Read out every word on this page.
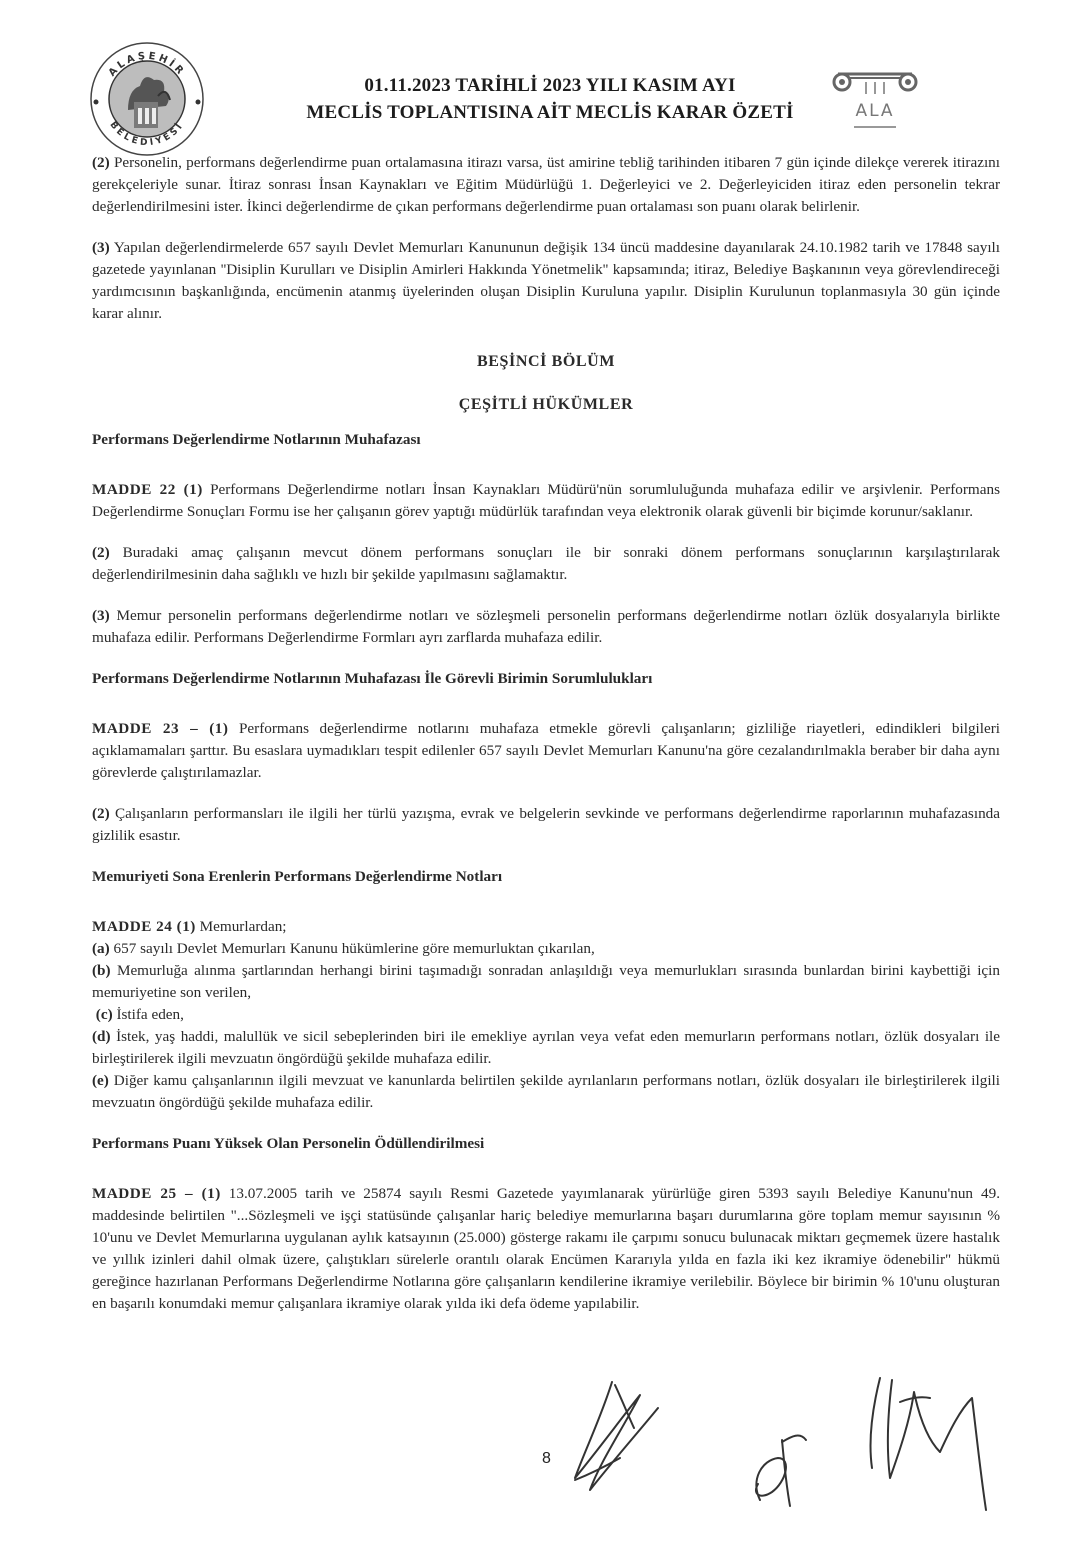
ALAŞEHİR
BELEDİYESİ
01.11.2023 TARİHLİ 2023 YILI KASIM AYI
MECLİS TOPLANTISINA AİT MECLİS KARAR ÖZETİ	ALA

(2) Personelin, performans değerlendirme puan ortalamasına itirazı varsa, üst amirine tebliğ tarihinden itibaren 7 gün içinde dilekçe vererek itirazını gerekçeleriyle sunar. İtiraz sonrası İnsan Kaynakları ve Eğitim Müdürlüğü 1. Değerleyici ve 2. Değerleyiciden itiraz eden personelin tekrar değerlendirilmesini ister. İkinci değerlendirme de çıkan performans değerlendirme puan ortalaması son puanı olarak belirlenir.

(3) Yapılan değerlendirmelerde 657 sayılı Devlet Memurları Kanununun değişik 134 üncü maddesine dayanılarak 24.10.1982 tarih ve 17848 sayılı gazetede yayınlanan ''Disiplin Kurulları ve Disiplin Amirleri Hakkında Yönetmelik'' kapsamında; itiraz, Belediye Başkanının veya görevlendireceği yardımcısının başkanlığında, encümenin atanmış üyelerinden oluşan Disiplin Kuruluna yapılır. Disiplin Kurulunun toplanmasıyla 30 gün içinde karar alınır.

BEŞİNCİ BÖLÜM

ÇEŞİTLİ HÜKÜMLER

Performans Değerlendirme Notlarının Muhafazası

MADDE 22 (1) Performans Değerlendirme notları İnsan Kaynakları Müdürü'nün sorumluluğunda muhafaza edilir ve arşivlenir. Performans Değerlendirme Sonuçları Formu ise her çalışanın görev yaptığı müdürlük tarafından veya elektronik olarak güvenli bir biçimde korunur/saklanır.

(2) Buradaki amaç çalışanın mevcut dönem performans sonuçları ile bir sonraki dönem performans sonuçlarının karşılaştırılarak değerlendirilmesinin daha sağlıklı ve hızlı bir şekilde yapılmasını sağlamaktır.

(3) Memur personelin performans değerlendirme notları ve sözleşmeli personelin performans değerlendirme notları özlük dosyalarıyla birlikte muhafaza edilir. Performans Değerlendirme Formları ayrı zarflarda muhafaza edilir.

Performans Değerlendirme Notlarının Muhafazası İle Görevli Birimin Sorumlulukları

MADDE 23 – (1) Performans değerlendirme notlarını muhafaza etmekle görevli çalışanların; gizliliğe riayetleri, edindikleri bilgileri açıklamamaları şarttır. Bu esaslara uymadıkları tespit edilenler 657 sayılı Devlet Memurları Kanunu'na göre cezalandırılmakla beraber bir daha aynı görevlerde çalıştırılamazlar.

(2) Çalışanların performansları ile ilgili her türlü yazışma, evrak ve belgelerin sevkinde ve performans değerlendirme raporlarının muhafazasında gizlilik esastır.

Memuriyeti Sona Erenlerin Performans Değerlendirme Notları

MADDE 24 (1) Memurlardan;

(a) 657 sayılı Devlet Memurları Kanunu hükümlerine göre memurluktan çıkarılan,

(b) Memurluğa alınma şartlarından herhangi birini taşımadığı sonradan anlaşıldığı veya memurlukları sırasında bunlardan birini kaybettiği için memuriyetine son verilen,

(c) İstifa eden,

(d) İstek, yaş haddi, malullük ve sicil sebeplerinden biri ile emekliye ayrılan veya vefat eden memurların performans notları, özlük dosyaları ile birleştirilerek ilgili mevzuatın öngördüğü şekilde muhafaza edilir.

(e) Diğer kamu çalışanlarının ilgili mevzuat ve kanunlarda belirtilen şekilde ayrılanların performans notları, özlük dosyaları ile birleştirilerek ilgili mevzuatın öngördüğü şekilde muhafaza edilir.

Performans Puanı Yüksek Olan Personelin Ödüllendirilmesi

MADDE 25 – (1) 13.07.2005 tarih ve 25874 sayılı Resmi Gazetede yayımlanarak yürürlüğe giren 5393 sayılı Belediye Kanunu'nun 49. maddesinde belirtilen "...Sözleşmeli ve işçi statüsünde çalışanlar hariç belediye memurlarına başarı durumlarına göre toplam memur sayısının % 10'unu ve Devlet Memurlarına uygulanan aylık katsayının (25.000) gösterge rakamı ile çarpımı sonucu bulunacak miktarı geçmemek üzere hastalık ve yıllık izinleri dahil olmak üzere, çalıştıkları sürelerle orantılı olarak Encümen Kararıyla yılda en fazla iki kez ikramiye ödenebilir" hükmü gereğince hazırlanan Performans Değerlendirme Notlarına göre çalışanların kendilerine ikramiye verilebilir. Böylece bir birimin % 10'unu oluşturan en başarılı konumdaki memur çalışanlara ikramiye olarak yılda iki defa ödeme yapılabilir.

8
